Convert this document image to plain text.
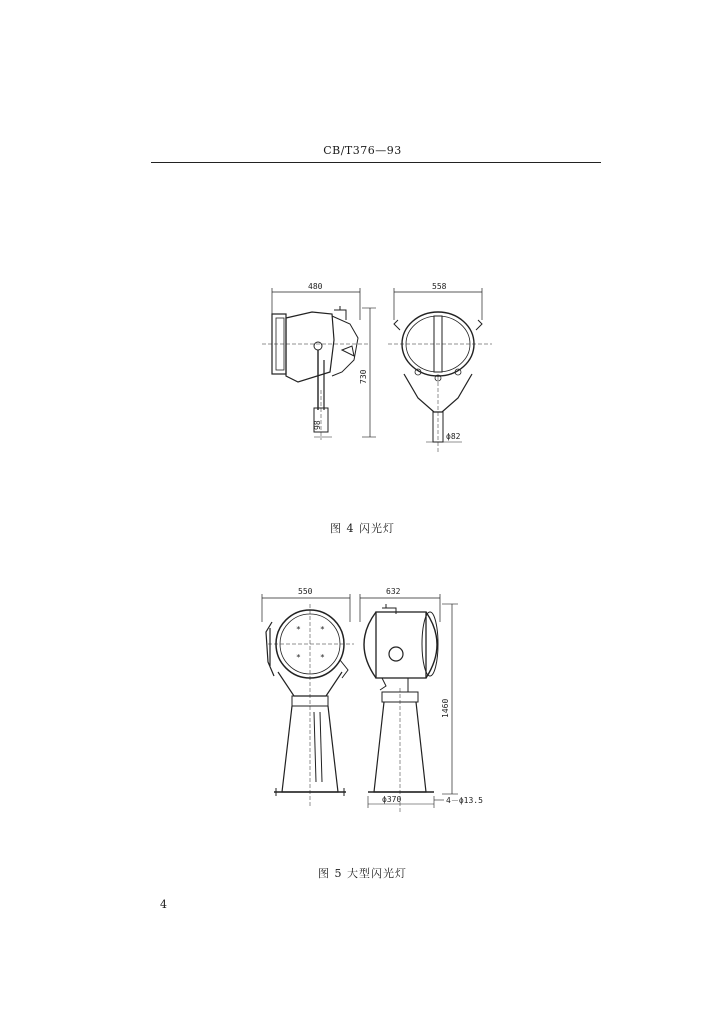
CB/T376—93
480
730
98
558
ϕ82
图 4 闪光灯
550
* *
* *
632
1460
ϕ370	4－ϕ13.5
图 5 大型闪光灯
4
